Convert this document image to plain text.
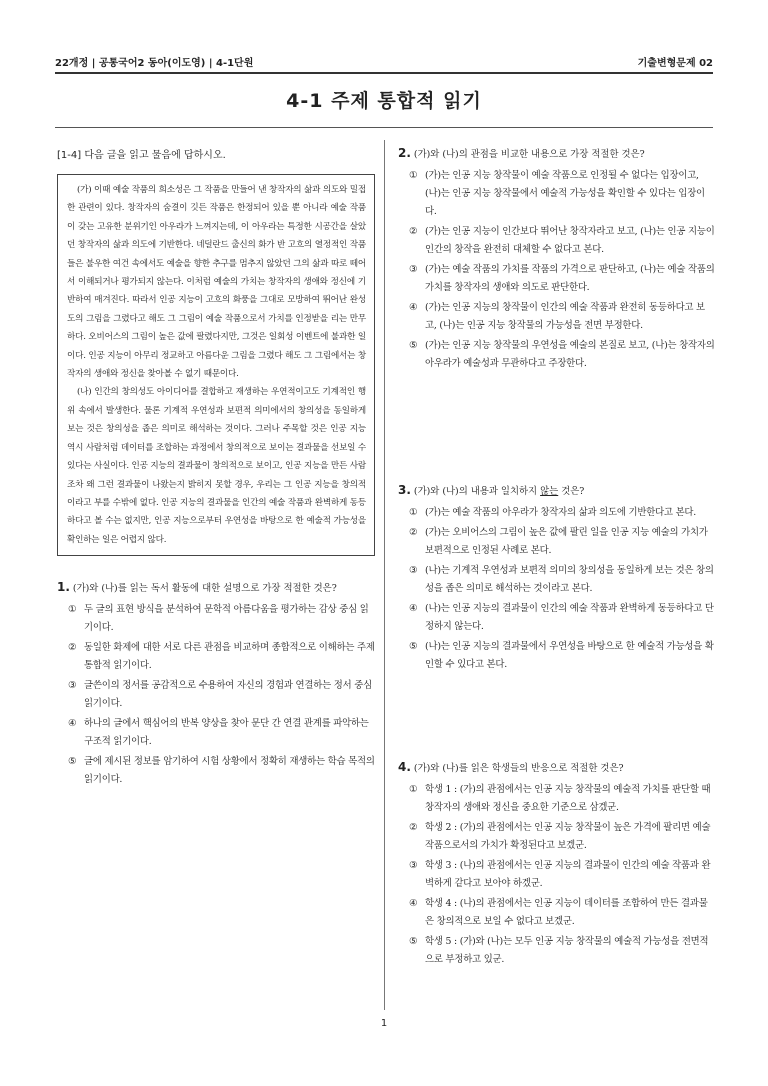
22개정 | 공통국어2 동아(이도영) | 4-1단원	기출변형문제 02
4-1 주제 통합적 읽기
[1-4] 다음 글을 읽고 물음에 답하시오.

(가) 이때 예술 작품의 희소성은 그 작품을 만들어 낸 창작자의 삶과 의도와 밀접한 관련이 있다. 창작자의 숨결이 깃든 작품은 한정되어 있을 뿐 아니라 예술 작품이 갖는 고유한 분위기인 아우라가 느껴지는데, 이 아우라는 특정한 시공간을 살았던 창작자의 삶과 의도에 기반한다. 네덜란드 출신의 화가 반 고흐의 열정적인 작품들은 불우한 여건 속에서도 예술을 향한 추구를 멈추지 않았던 그의 삶과 따로 떼어서 이해되거나 평가되지 않는다. 이처럼 예술의 가치는 창작자의 생애와 정신에 기반하여 매겨진다. 따라서 인공 지능이 고흐의 화풍을 그대로 모방하여 뛰어난 완성도의 그림을 그렸다고 해도 그 그림이 예술 작품으로서 가치를 인정받을 리는 만무하다. 오비어스의 그림이 높은 값에 팔렸다지만, 그것은 일회성 이벤트에 불과한 일이다. 인공 지능이 아무리 정교하고 아름다운 그림을 그렸다 해도 그 그림에서는 창작자의 생애와 정신을 찾아볼 수 없기 때문이다.

(나) 인간의 창의성도 아이디어를 결합하고 재생하는 우연적이고도 기계적인 행위 속에서 발생한다. 물론 기계적 우연성과 보편적 의미에서의 창의성을 동일하게 보는 것은 창의성을 좁은 의미로 해석하는 것이다. 그러나 주목할 것은 인공 지능 역시 사람처럼 데이터를 조합하는 과정에서 창의적으로 보이는 결과물을 선보일 수 있다는 사실이다. 인공 지능의 결과물이 창의적으로 보이고, 인공 지능을 만든 사람조차 왜 그런 결과물이 나왔는지 밝히지 못할 경우, 우리는 그 인공 지능을 창의적이라고 부를 수밖에 없다. 인공 지능의 결과물을 인간의 예술 작품과 완벽하게 동등하다고 볼 수는 없지만, 인공 지능으로부터 우연성을 바탕으로 한 예술적 가능성을 확인하는 일은 어렵지 않다.

1. (가)와 (나)를 읽는 독서 활동에 대한 설명으로 가장 적절한 것은?
① 두 글의 표현 방식을 분석하여 문학적 아름다움을 평가하는 감상 중심 읽기이다.
② 동일한 화제에 대한 서로 다른 관점을 비교하며 종합적으로 이해하는 주제 통합적 읽기이다.
③ 글쓴이의 정서를 공감적으로 수용하여 자신의 경험과 연결하는 정서 중심 읽기이다.
④ 하나의 글에서 핵심어의 반복 양상을 찾아 문단 간 연결 관계를 파악하는 구조적 읽기이다.
⑤ 글에 제시된 정보를 암기하여 시험 상황에서 정확히 재생하는 학습 목적의 읽기이다.
2. (가)와 (나)의 관점을 비교한 내용으로 가장 적절한 것은?
① (가)는 인공 지능 창작물이 예술 작품으로 인정될 수 없다는 입장이고, (나)는 인공 지능 창작물에서 예술적 가능성을 확인할 수 있다는 입장이다.
② (가)는 인공 지능이 인간보다 뛰어난 창작자라고 보고, (나)는 인공 지능이 인간의 창작을 완전히 대체할 수 없다고 본다.
③ (가)는 예술 작품의 가치를 작품의 가격으로 판단하고, (나)는 예술 작품의 가치를 창작자의 생애와 의도로 판단한다.
④ (가)는 인공 지능의 창작물이 인간의 예술 작품과 완전히 동등하다고 보고, (나)는 인공 지능 창작물의 가능성을 전면 부정한다.
⑤ (가)는 인공 지능 창작물의 우연성을 예술의 본질로 보고, (나)는 창작자의 아우라가 예술성과 무관하다고 주장한다.
3. (가)와 (나)의 내용과 일치하지 않는 것은?
① (가)는 예술 작품의 아우라가 창작자의 삶과 의도에 기반한다고 본다.
② (가)는 오비어스의 그림이 높은 값에 팔린 일을 인공 지능 예술의 가치가 보편적으로 인정된 사례로 본다.
③ (나)는 기계적 우연성과 보편적 의미의 창의성을 동일하게 보는 것은 창의성을 좁은 의미로 해석하는 것이라고 본다.
④ (나)는 인공 지능의 결과물이 인간의 예술 작품과 완벽하게 동등하다고 단정하지 않는다.
⑤ (나)는 인공 지능의 결과물에서 우연성을 바탕으로 한 예술적 가능성을 확인할 수 있다고 본다.
4. (가)와 (나)를 읽은 학생들의 반응으로 적절한 것은?
① 학생 1 : (가)의 관점에서는 인공 지능 창작물의 예술적 가치를 판단할 때 창작자의 생애와 정신을 중요한 기준으로 삼겠군.
② 학생 2 : (가)의 관점에서는 인공 지능 창작물이 높은 가격에 팔리면 예술 작품으로서의 가치가 확정된다고 보겠군.
③ 학생 3 : (나)의 관점에서는 인공 지능의 결과물이 인간의 예술 작품과 완벽하게 같다고 보아야 하겠군.
④ 학생 4 : (나)의 관점에서는 인공 지능이 데이터를 조합하여 만든 결과물은 창의적으로 보일 수 없다고 보겠군.
⑤ 학생 5 : (가)와 (나)는 모두 인공 지능 창작물의 예술적 가능성을 전면적으로 부정하고 있군.
1
